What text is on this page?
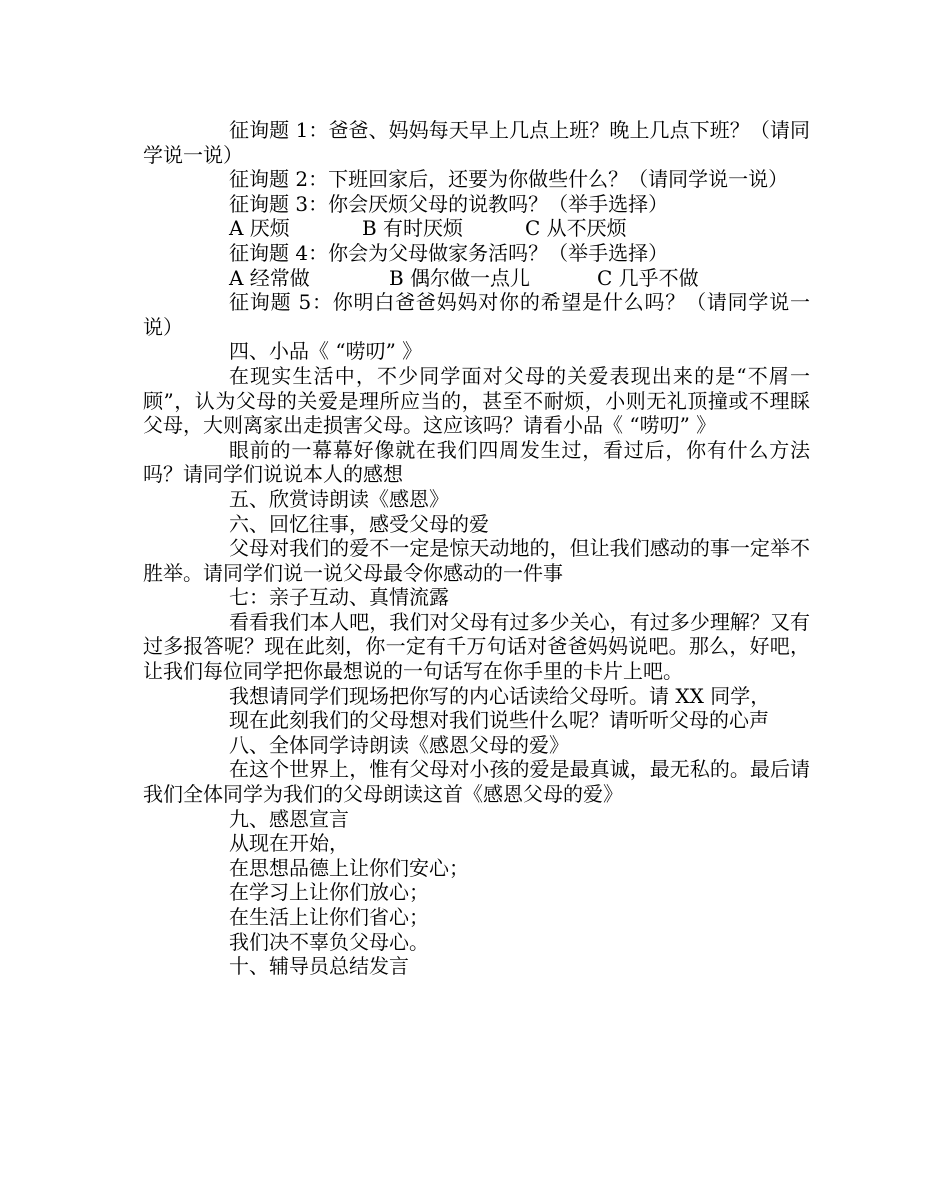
征询题 1：爸爸、妈妈每天早上几点上班？晚上几点下班？（请同学说一说）

征询题 2：下班回家后，还要为你做些什么？（请同学说一说）

征询题 3：你会厌烦父母的说教吗？（举手选择）

A 厌烦	B 有时厌烦	C 从不厌烦

征询题 4：你会为父母做家务活吗？（举手选择）

A 经常做	B 偶尔做一点儿	C 几乎不做

征询题 5：你明白爸爸妈妈对你的希望是什么吗？（请同学说一说）

四、小品《 “唠叨” 》

在现实生活中，不少同学面对父母的关爱表现出来的是“不屑一顾”，认为父母的关爱是理所应当的，甚至不耐烦，小则无礼顶撞或不理睬父母，大则离家出走损害父母。这应该吗？请看小品《 “唠叨” 》

眼前的一幕幕好像就在我们四周发生过，看过后，你有什么方法吗？请同学们说说本人的感想

五、欣赏诗朗读《感恩》

六、回忆往事，感受父母的爱

父母对我们的爱不一定是惊天动地的，但让我们感动的事一定举不胜举。请同学们说一说父母最令你感动的一件事

七：亲子互动、真情流露

看看我们本人吧，我们对父母有过多少关心，有过多少理解？又有过多报答呢？现在此刻，你一定有千万句话对爸爸妈妈说吧。那么，好吧，让我们每位同学把你最想说的一句话写在你手里的卡片上吧。

我想请同学们现场把你写的内心话读给父母听。请 XX 同学，

现在此刻我们的父母想对我们说些什么呢？请听听父母的心声

八、全体同学诗朗读《感恩父母的爱》

在这个世界上，惟有父母对小孩的爱是最真诚，最无私的。最后请我们全体同学为我们的父母朗读这首《感恩父母的爱》

九、感恩宣言

从现在开始，

在思想品德上让你们安心；

在学习上让你们放心；

在生活上让你们省心；

我们决不辜负父母心。

十、辅导员总结发言
